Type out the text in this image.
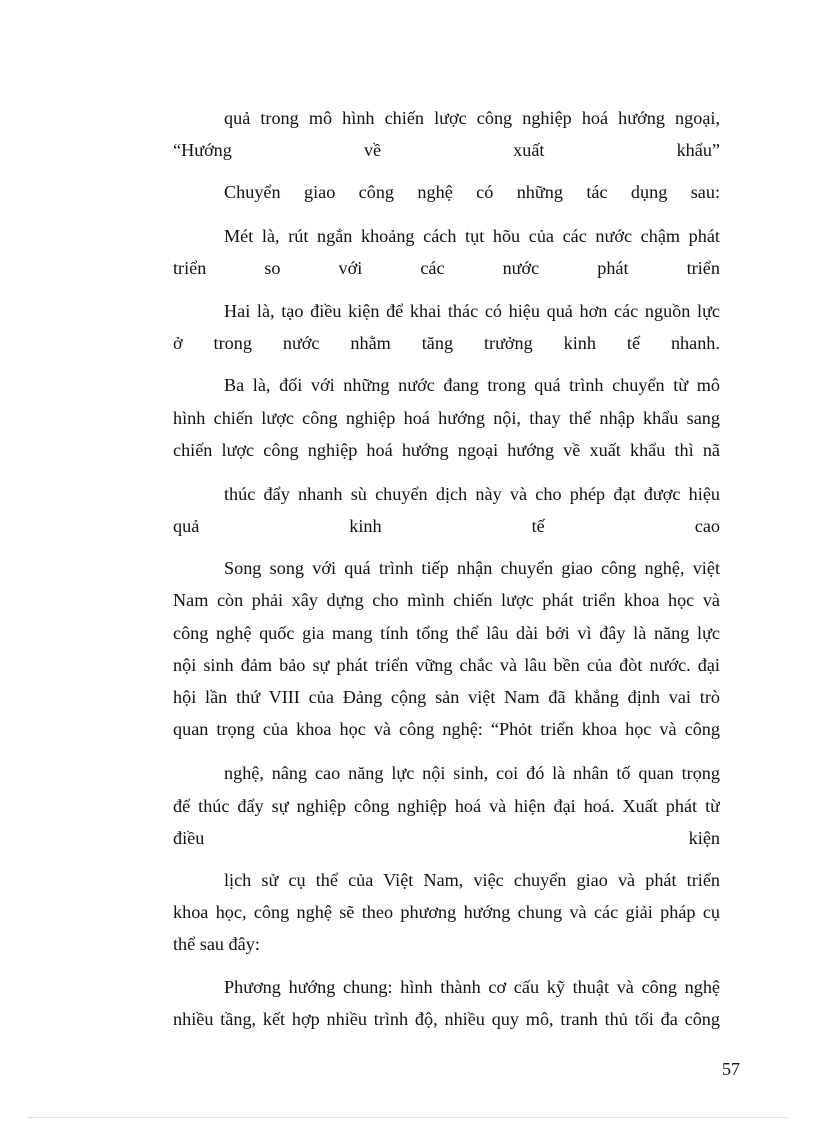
quả trong mô hình chiến lược công nghiệp hoá hướng ngoại,
“Hướng	về	xuất	khẩu”
Chuyển giao công nghệ có những tác dụng sau:
Mét là, rút ngắn khoảng cách tụt hõu của các nước chậm phát
triển	so	với	các	nước	phát	triển
Hai là, tạo điều kiện để khai thác có hiệu quả hơn các nguồn lực
ở trong nước nhằm tăng trưởng kinh tế nhanh.
Ba là, đối với những nước đang trong quá trình chuyển từ mô
hình chiến lược công nghiệp hoá hướng nội, thay thế nhập khẩu sang
chiến lược công nghiệp hoá hướng ngoại hướng về xuất khẩu thì nã
thúc đẩy nhanh sù chuyển dịch này và cho phép đạt được hiệu
quả	kinh	tế	cao
Song song với quá trình tiếp nhận chuyển giao công nghệ, việt
Nam còn phải xây dựng cho mình chiến lược phát triển khoa học và
công nghệ quốc gia mang tính tổng thể lâu dài bởi vì đây là năng lực
nội sinh đảm bảo sự phát triển vững chắc và lâu bền của đòt nước. đại
hội lần thứ VIII của Đảng cộng sản việt Nam đã khẳng định vai trò
quan trọng của khoa học và công nghệ: “Phỏt triển khoa học và công
nghệ, nâng cao năng lực nội sinh, coi đó là nhân tố quan trọng
để thúc đẩy sự nghiệp công nghiệp hoá và hiện đại hoá. Xuất phát từ
điều	kiện
lịch sử cụ thể của Việt Nam, việc chuyển giao và phát triển
khoa học, công nghệ sẽ theo phương hướng chung và các giải pháp cụ
thể sau đây:
Phương hướng chung: hình thành cơ cấu kỹ thuật và công nghệ
nhiều tầng, kết hợp nhiều trình độ, nhiều quy mô, tranh thủ tối đa công
57
